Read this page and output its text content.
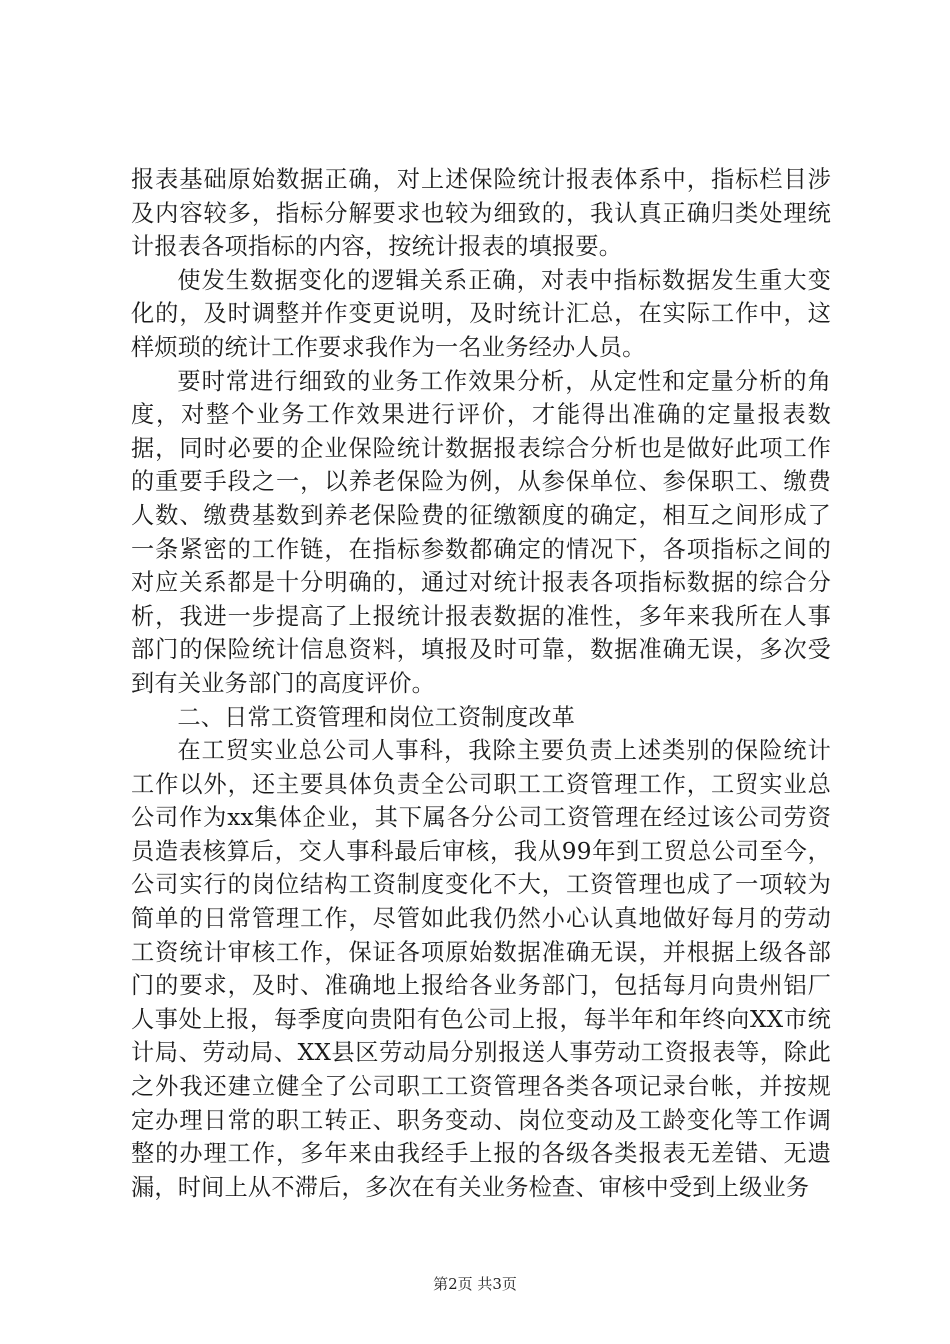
报表基础原始数据正确，对上述保险统计报表体系中，指标栏目涉及内容较多，指标分解要求也较为细致的，我认真正确归类处理统计报表各项指标的内容，按统计报表的填报要。

使发生数据变化的逻辑关系正确，对表中指标数据发生重大变化的，及时调整并作变更说明，及时统计汇总，在实际工作中，这样烦琐的统计工作要求我作为一名业务经办人员。

要时常进行细致的业务工作效果分析，从定性和定量分析的角度，对整个业务工作效果进行评价，才能得出准确的定量报表数据，同时必要的企业保险统计数据报表综合分析也是做好此项工作的重要手段之一，以养老保险为例，从参保单位、参保职工、缴费人数、缴费基数到养老保险费的征缴额度的确定，相互之间形成了一条紧密的工作链，在指标参数都确定的情况下，各项指标之间的对应关系都是十分明确的，通过对统计报表各项指标数据的综合分析，我进一步提高了上报统计报表数据的准性，多年来我所在人事部门的保险统计信息资料，填报及时可靠，数据准确无误，多次受到有关业务部门的高度评价。

二、日常工资管理和岗位工资制度改革

在工贸实业总公司人事科，我除主要负责上述类别的保险统计工作以外，还主要具体负责全公司职工工资管理工作，工贸实业总公司作为xx集体企业，其下属各分公司工资管理在经过该公司劳资员造表核算后，交人事科最后审核，我从99年到工贸总公司至今，公司实行的岗位结构工资制度变化不大，工资管理也成了一项较为简单的日常管理工作，尽管如此我仍然小心认真地做好每月的劳动工资统计审核工作，保证各项原始数据准确无误，并根据上级各部门的要求，及时、准确地上报给各业务部门，包括每月向贵州铝厂人事处上报，每季度向贵阳有色公司上报，每半年和年终向XX市统计局、劳动局、XX县区劳动局分别报送人事劳动工资报表等，除此之外我还建立健全了公司职工工资管理各类各项记录台帐，并按规定办理日常的职工转正、职务变动、岗位变动及工龄变化等工作调整的办理工作，多年来由我经手上报的各级各类报表无差错、无遗漏，时间上从不滞后，多次在有关业务检查、审核中受到上级业务

第2页 共3页
